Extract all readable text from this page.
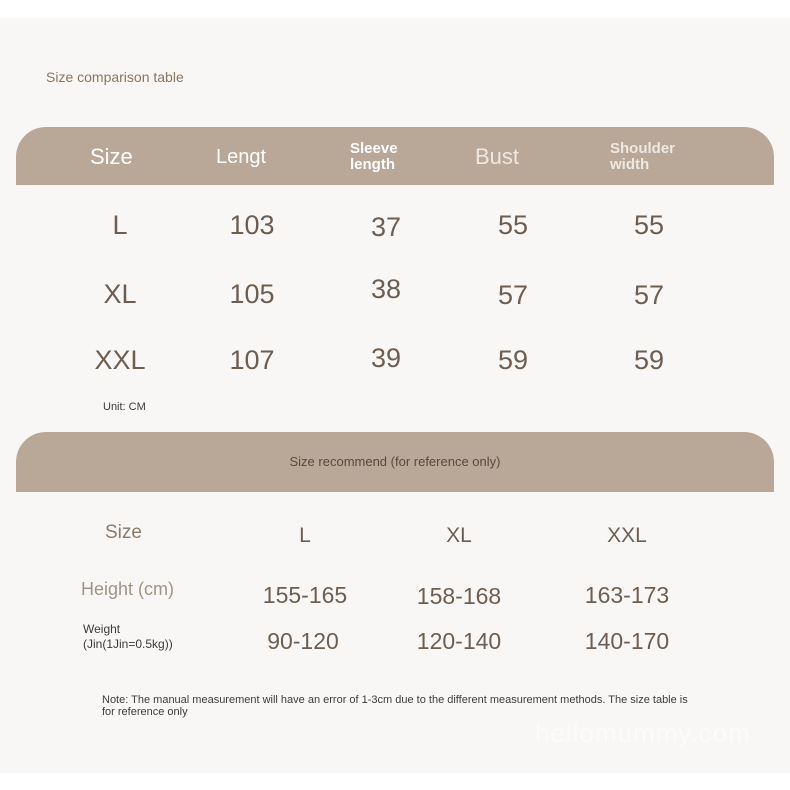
Size comparison table
Size	Lengt	Sleeve length	Bust	Shoulder width
L	103	37	55	55
XL	105	38	57	57
XXL	107	39	59	59
Unit: CM
Size recommend (for reference only)
Size	L	XL	XXL
Height (cm)	155-165	158-168	163-173
Weight
(Jin(1Jin=0.5kg))	90-120	120-140	140-170
Note: The manual measurement will have an error of 1-3cm due to the different measurement methods. The size table is for reference only
hellomummy.com
